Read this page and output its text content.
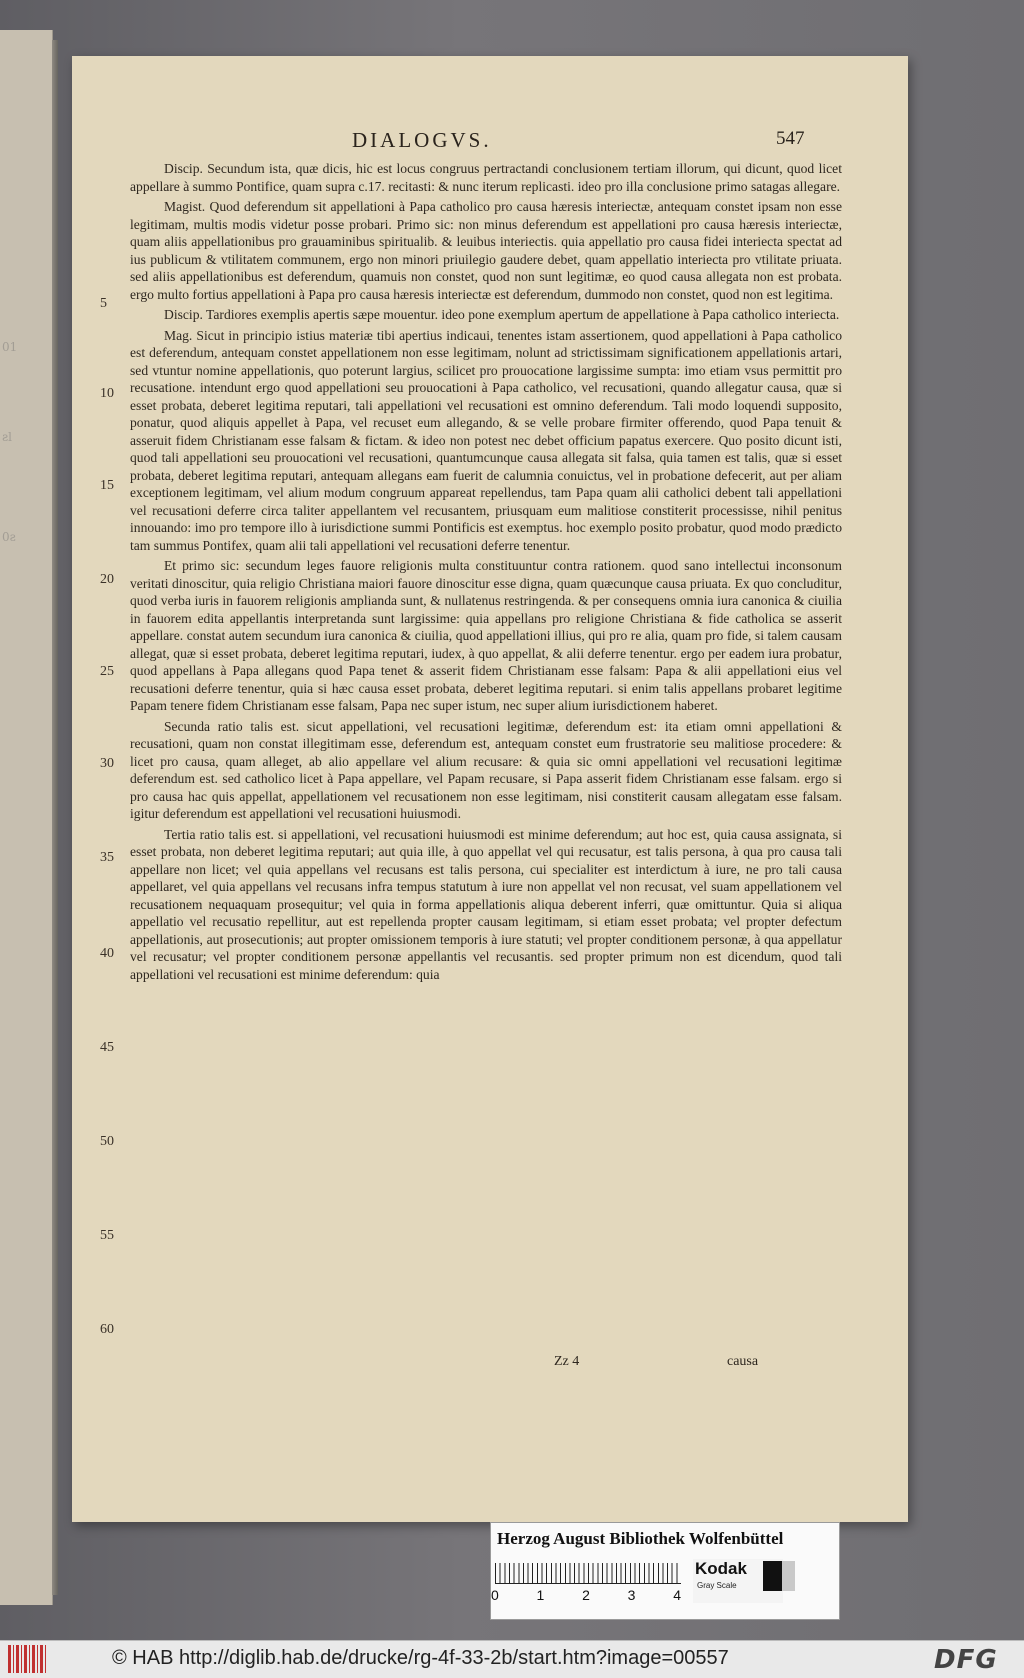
01
ƨl
0ƨ
DIALOGVS.	547

Discip. Secundum ista, quæ dicis, hic est locus congruus pertractandi conclusionem tertiam illorum, qui dicunt, quod licet appellare à summo Pontifice, quam supra c.17. recitasti: & nunc iterum replicasti. ideo pro illa conclusione primo satagas allegare.

Magist. Quod deferendum sit appellationi à Papa catholico pro causa hæresis interiectæ, antequam constet ipsam non esse legitimam, multis modis videtur posse probari. Primo sic: non minus deferendum est appellationi pro causa hæresis interiectæ, quam aliis appellationibus pro grauaminibus spiritualib. & leuibus interiectis. quia appellatio pro causa fidei interiecta spectat ad ius publicum & vtilitatem communem, ergo non minori priuilegio gaudere debet, quam appellatio interiecta pro vtilitate priuata. sed aliis appellationibus est deferendum, quamuis non constet, quod non sunt legitimæ, eo quod causa allegata non est probata. ergo multo fortius appellationi à Papa pro causa hæresis interiectæ est deferendum, dummodo non constet, quod non est legitima.

Discip. Tardiores exemplis apertis sæpe mouentur. ideo pone exemplum apertum de appellatione à Papa catholico interiecta.

Mag. Sicut in principio istius materiæ tibi apertius indicaui, tenentes istam assertionem, quod appellationi à Papa catholico est deferendum, antequam constet appellationem non esse legitimam, nolunt ad strictissimam significationem appellationis artari, sed vtuntur nomine appellationis, quo poterunt largius, scilicet pro prouocatione largissime sumpta: imo etiam vsus permittit pro recusatione. intendunt ergo quod appellationi seu prouocationi à Papa catholico, vel recusationi, quando allegatur causa, quæ si esset probata, deberet legitima reputari, tali appellationi vel recusationi est omnino deferendum. Tali modo loquendi supposito, ponatur, quod aliquis appellet à Papa, vel recuset eum allegando, & se velle probare firmiter offerendo, quod Papa tenuit & asseruit fidem Christianam esse falsam & fictam. & ideo non potest nec debet officium papatus exercere. Quo posito dicunt isti, quod tali appellationi seu prouocationi vel recusationi, quantumcunque causa allegata sit falsa, quia tamen est talis, quæ si esset probata, deberet legitima reputari, antequam allegans eam fuerit de calumnia conuictus, vel in probatione defecerit, aut per aliam exceptionem legitimam, vel alium modum congruum appareat repellendus, tam Papa quam alii catholici debent tali appellationi vel recusationi deferre circa taliter appellantem vel recusantem, priusquam eum malitiose constiterit processisse, nihil penitus innouando: imo pro tempore illo à iurisdictione summi Pontificis est exemptus. hoc exemplo posito probatur, quod modo prædicto tam summus Pontifex, quam alii tali appellationi vel recusationi deferre tenentur.

Et primo sic: secundum leges fauore religionis multa constituuntur contra rationem. quod sano intellectui inconsonum veritati dinoscitur, quia religio Christiana maiori fauore dinoscitur esse digna, quam quæcunque causa priuata. Ex quo concluditur, quod verba iuris in fauorem religionis amplianda sunt, & nullatenus restringenda. & per consequens omnia iura canonica & ciuilia in fauorem edita appellantis interpretanda sunt largissime: quia appellans pro religione Christiana & fide catholica se asserit appellare. constat autem secundum iura canonica & ciuilia, quod appellationi illius, qui pro re alia, quam pro fide, si talem causam allegat, quæ si esset probata, deberet legitima reputari, iudex, à quo appellat, & alii deferre tenentur. ergo per eadem iura probatur, quod appellans à Papa allegans quod Papa tenet & asserit fidem Christianam esse falsam: Papa & alii appellationi eius vel recusationi deferre tenentur, quia si hæc causa esset probata, deberet legitima reputari. si enim talis appellans probaret legitime Papam tenere fidem Christianam esse falsam, Papa nec super istum, nec super alium iurisdictionem haberet.

Secunda ratio talis est. sicut appellationi, vel recusationi legitimæ, deferendum est: ita etiam omni appellationi & recusationi, quam non constat illegitimam esse, deferendum est, antequam constet eum frustratorie seu malitiose procedere: & licet pro causa, quam alleget, ab alio appellare vel alium recusare: & quia sic omni appellationi vel recusationi legitimæ deferendum est. sed catholico licet à Papa appellare, vel Papam recusare, si Papa asserit fidem Christianam esse falsam. ergo si pro causa hac quis appellat, appellationem vel recusationem non esse legitimam, nisi constiterit causam allegatam esse falsam. igitur deferendum est appellationi vel recusationi huiusmodi.

Tertia ratio talis est. si appellationi, vel recusationi huiusmodi est minime deferendum; aut hoc est, quia causa assignata, si esset probata, non deberet legitima reputari; aut quia ille, à quo appellat vel qui recusatur, est talis persona, à qua pro causa tali appellare non licet; vel quia appellans vel recusans est talis persona, cui specialiter est interdictum à iure, ne pro tali causa appellaret, vel quia appellans vel recusans infra tempus statutum à iure non appellat vel non recusat, vel suam appellationem vel recusationem nequaquam prosequitur; vel quia in forma appellationis aliqua deberent inferri, quæ omittuntur. Quia si aliqua appellatio vel recusatio repellitur, aut est repellenda propter causam legitimam, si etiam esset probata; vel propter defectum appellationis, aut prosecutionis; aut propter omissionem temporis à iure statuti; vel propter conditionem personæ, à qua appellatur vel recusatur; vel propter conditionem personæ appellantis vel recusantis. sed propter primum non est dicendum, quod tali appellationi vel recusationi est minime deferendum: quia

5
10
15
20
25
30
35
40
45
50
55
60
Zz 4	causa
Herzog August Bibliothek Wolfenbüttel
0	1	2	3	4
Kodak
Gray Scale
© HAB http://diglib.hab.de/drucke/rg-4f-33-2b/start.htm?image=00557	DFG
